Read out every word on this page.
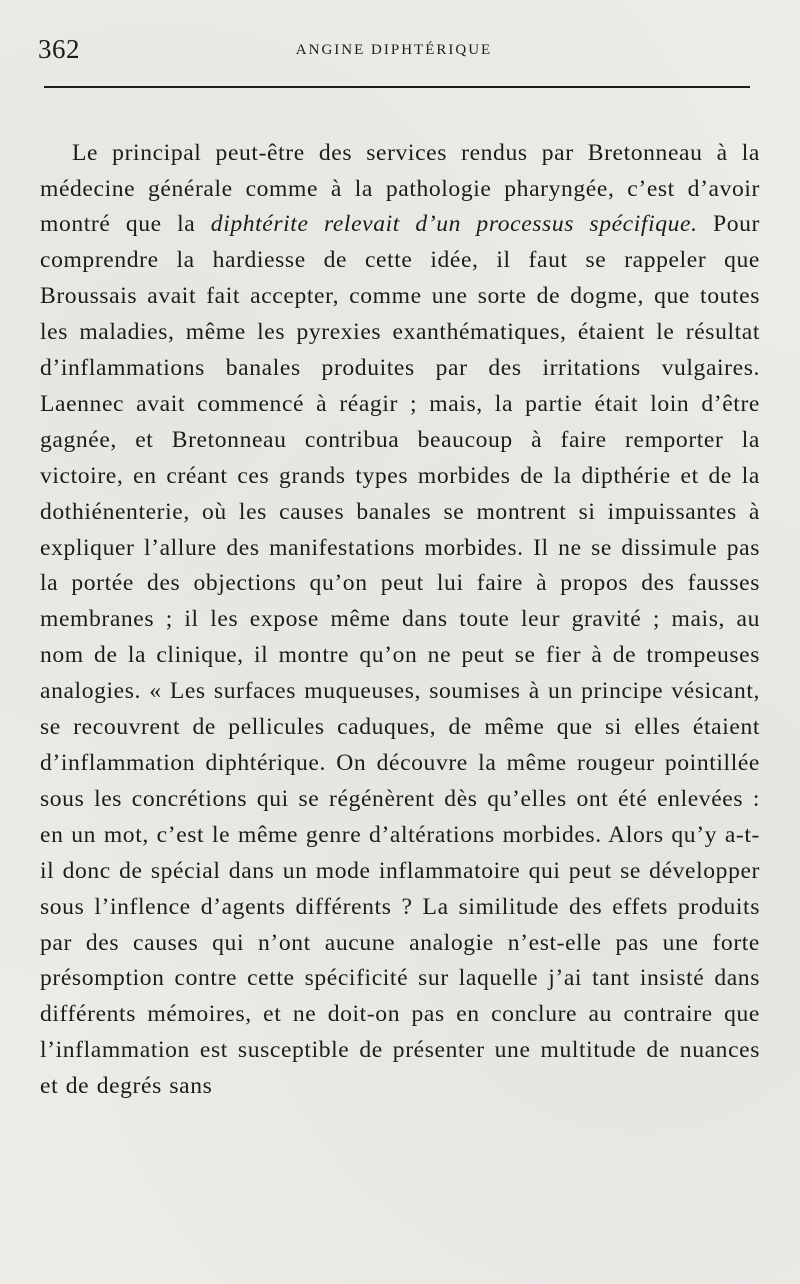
362	ANGINE DIPHTÉRIQUE

Le principal peut-être des services rendus par Bretonneau à la médecine générale comme à la pathologie pharyngée, c’est d’avoir montré que la diphtérite relevait d’un processus spécifique. Pour comprendre la hardiesse de cette idée, il faut se rappeler que Broussais avait fait accepter, comme une sorte de dogme, que toutes les maladies, même les pyrexies exanthématiques, étaient le résultat d’inflammations banales produites par des irritations vulgaires. Laennec avait commencé à réagir ; mais, la partie était loin d’être gagnée, et Bretonneau contribua beaucoup à faire remporter la victoire, en créant ces grands types morbides de la dipthérie et de la dothiénenterie, où les causes banales se montrent si impuissantes à expliquer l’allure des manifestations morbides. Il ne se dissimule pas la portée des objections qu’on peut lui faire à propos des fausses membranes ; il les expose même dans toute leur gravité ; mais, au nom de la clinique, il montre qu’on ne peut se fier à de trompeuses analogies. « Les surfaces muqueuses, soumises à un principe vésicant, se recouvrent de pellicules caduques, de même que si elles étaient d’inflammation diphtérique. On découvre la même rougeur pointillée sous les concrétions qui se régénèrent dès qu’elles ont été enlevées : en un mot, c’est le même genre d’altérations morbides. Alors qu’y a-t-il donc de spécial dans un mode inflammatoire qui peut se développer sous l’inflence d’agents différents ? La similitude des effets produits par des causes qui n’ont aucune analogie n’est-elle pas une forte présomption contre cette spécificité sur laquelle j’ai tant insisté dans différents mémoires, et ne doit-on pas en conclure au contraire que l’inflammation est susceptible de présenter une multitude de nuances et de degrés sans
